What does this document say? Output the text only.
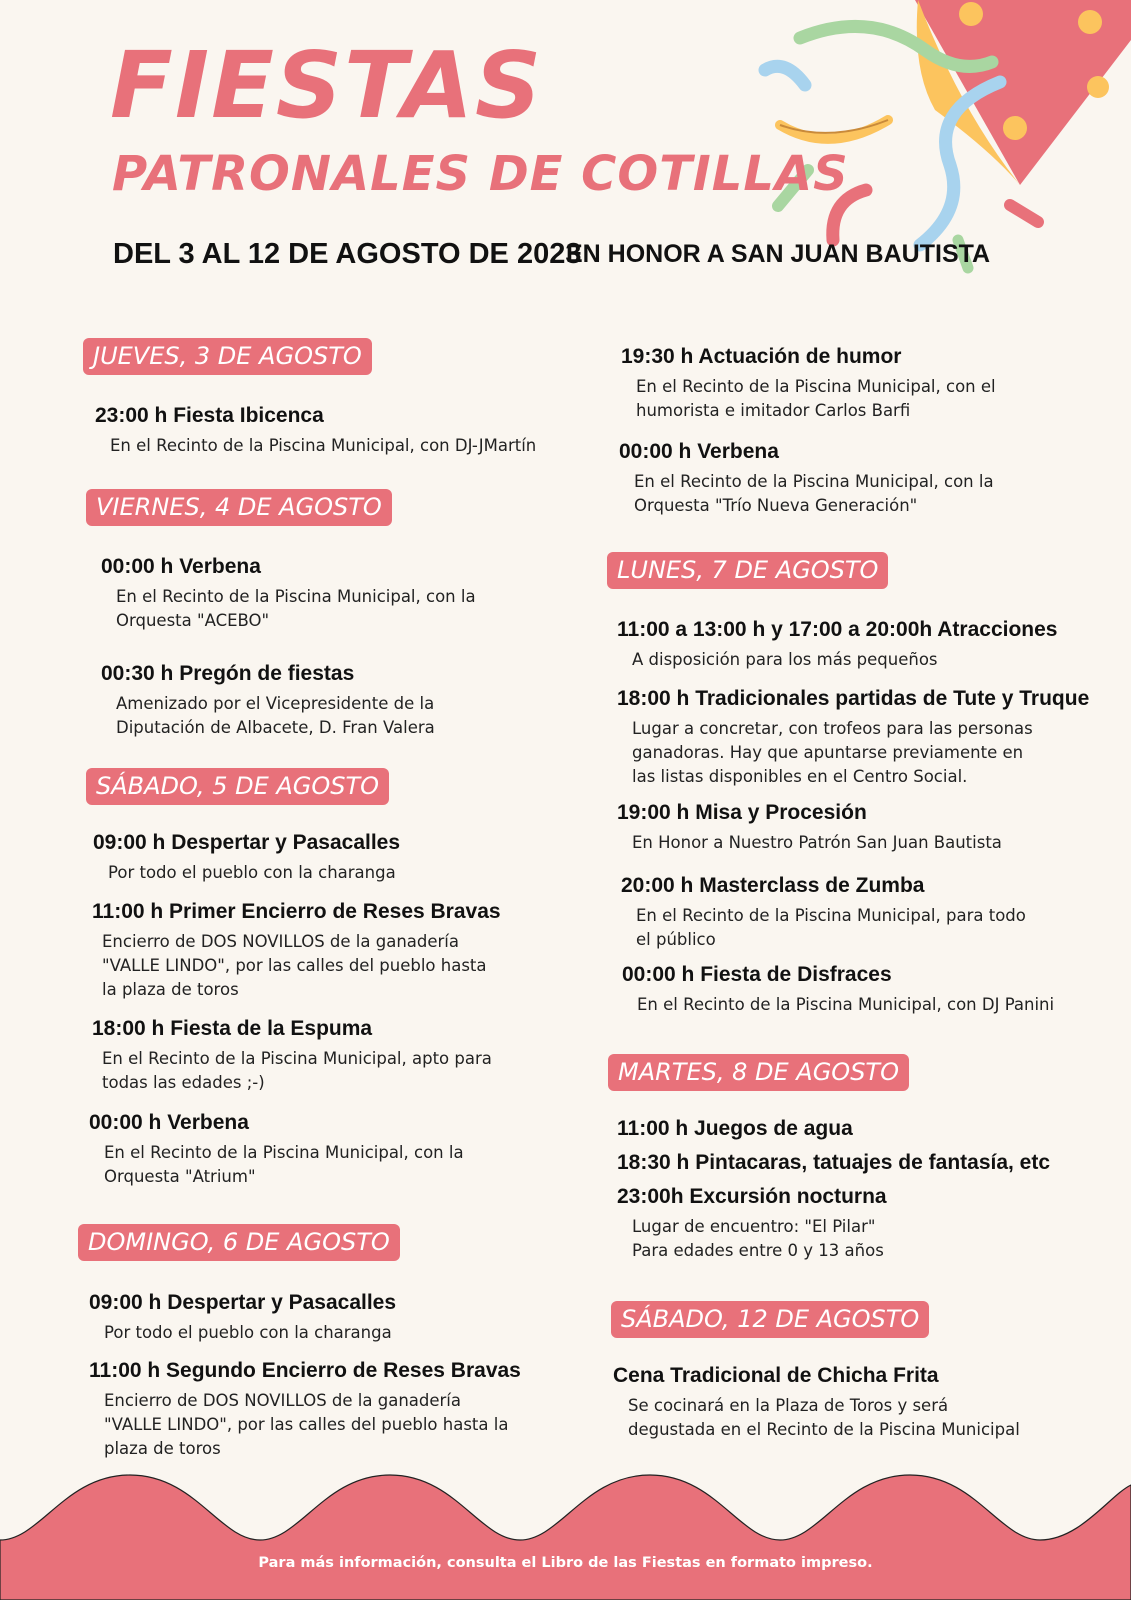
FIESTAS
PATRONALES DE COTILLAS
DEL 3 AL 12 DE AGOSTO DE 2023
EN HONOR A SAN JUAN BAUTISTA
JUEVES, 3 DE AGOSTO
23:00 h Fiesta Ibicenca
En el Recinto de la Piscina Municipal, con DJ-JMartín
VIERNES, 4 DE AGOSTO
00:00 h Verbena
En el Recinto de la Piscina Municipal, con la
Orquesta "ACEBO"
00:30 h Pregón de fiestas
Amenizado por el Vicepresidente de la
Diputación de Albacete, D. Fran Valera
SÁBADO, 5 DE AGOSTO
09:00 h Despertar y Pasacalles
Por todo el pueblo con la charanga
11:00 h Primer Encierro de Reses Bravas
Encierro de DOS NOVILLOS de la ganadería
"VALLE LINDO", por las calles del pueblo hasta
la plaza de toros
18:00 h Fiesta de la Espuma
En el Recinto de la Piscina Municipal, apto para
todas las edades ;-)
00:00 h Verbena
En el Recinto de la Piscina Municipal, con la
Orquesta "Atrium"
DOMINGO, 6 DE AGOSTO
09:00 h Despertar y Pasacalles
Por todo el pueblo con la charanga
11:00 h Segundo Encierro de Reses Bravas
Encierro de DOS NOVILLOS de la ganadería
"VALLE LINDO", por las calles del pueblo hasta la
plaza de toros
19:30 h Actuación de humor
En el Recinto de la Piscina Municipal, con el
humorista e imitador Carlos Barfi
00:00 h Verbena
En el Recinto de la Piscina Municipal, con la
Orquesta "Trío Nueva Generación"
LUNES, 7 DE AGOSTO
11:00 a 13:00 h y 17:00 a 20:00h Atracciones
A disposición para los más pequeños
18:00 h Tradicionales partidas de Tute y Truque
Lugar a concretar, con trofeos para las personas
ganadoras. Hay que apuntarse previamente en
las listas disponibles en el Centro Social.
19:00 h Misa y Procesión
En Honor a Nuestro Patrón San Juan Bautista
20:00 h Masterclass de Zumba
En el Recinto de la Piscina Municipal, para todo
el público
00:00 h Fiesta de Disfraces
En el Recinto de la Piscina Municipal, con DJ Panini
MARTES, 8 DE AGOSTO
11:00 h Juegos de agua
18:30 h Pintacaras, tatuajes de fantasía, etc
23:00h Excursión nocturna
Lugar de encuentro: "El Pilar"
Para edades entre 0 y 13 años
SÁBADO, 12 DE AGOSTO
Cena Tradicional de Chicha Frita
Se cocinará en la Plaza de Toros y será
degustada en el Recinto de la Piscina Municipal
Para más información, consulta el Libro de las Fiestas en formato impreso.
